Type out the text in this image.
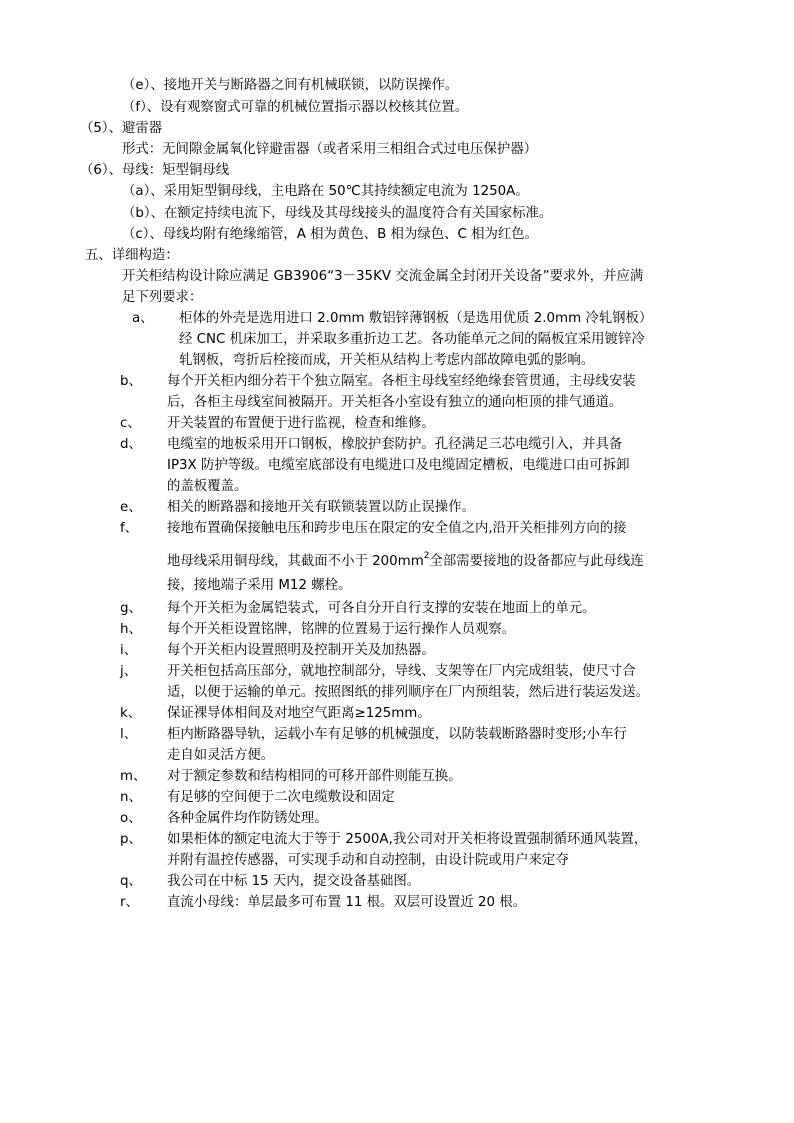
（e）、接地开关与断路器之间有机械联锁，以防误操作。
（f）、设有观察窗式可靠的机械位置指示器以校核其位置。
（5）、避雷器
形式：无间隙金属氧化锌避雷器（或者采用三相组合式过电压保护器）
（6）、母线：矩型铜母线
（a）、采用矩型铜母线，主电路在 50℃其持续额定电流为 1250A。
（b）、在额定持续电流下，母线及其母线接头的温度符合有关国家标准。
（c）、母线均附有绝缘缩管，A 相为黄色、B 相为绿色、C 相为红色。
五、详细构造：
开关柜结构设计除应满足 GB3906“3－35KV 交流金属全封闭开关设备”要求外，并应满
足下列要求：
a、 柜体的外壳是选用进口 2.0mm 敷铝锌薄钢板（是选用优质 2.0mm 冷轧钢板）
经 CNC 机床加工，并采取多重折边工艺。各功能单元之间的隔板宜采用镀锌冷
轧钢板，弯折后栓接而成，开关柜从结构上考虑内部故障电弧的影响。
b、 每个开关柜内细分若干个独立隔室。各柜主母线室经绝缘套管贯通，主母线安装
后，各柜主母线室间被隔开。开关柜各小室设有独立的通向柜顶的排气通道。
c、 开关装置的布置便于进行监视，检查和维修。
d、 电缆室的地板采用开口钢板，橡胶护套防护。孔径满足三芯电缆引入，并具备
IP3X 防护等级。电缆室底部设有电缆进口及电缆固定槽板，电缆进口由可拆卸
的盖板覆盖。
e、 相关的断路器和接地开关有联锁装置以防止误操作。
f、 接地布置确保接触电压和跨步电压在限定的安全值之内,沿开关柜排列方向的接
地母线采用铜母线，其截面不小于 $200mm^2$全部需要接地的设备都应与此母线连
接，接地端子采用 M12 螺栓。
g、 每个开关柜为金属铠装式，可各自分开自行支撑的安装在地面上的单元。
h、 每个开关柜设置铭牌，铭牌的位置易于运行操作人员观察。
i、 每个开关柜内设置照明及控制开关及加热器。
j、 开关柜包括高压部分，就地控制部分，导线、支架等在厂内完成组装，使尺寸合
适，以便于运输的单元。按照图纸的排列顺序在厂内预组装，然后进行装运发送。
k、 保证裸导体相间及对地空气距离≥125mm。
l、 柜内断路器导轨，运载小车有足够的机械强度，以防装载断路器时变形;小车行
走自如灵活方便。
m、 对于额定参数和结构相同的可移开部件则能互换。
n、 有足够的空间便于二次电缆敷设和固定
o、 各种金属件均作防锈处理。
p、 如果柜体的额定电流大于等于 2500A,我公司对开关柜将设置强制循环通风装置，
并附有温控传感器，可实现手动和自动控制，由设计院或用户来定夺
q、 我公司在中标 15 天内，提交设备基础图。
r、 直流小母线：单层最多可布置 11 根。双层可设置近 20 根。
